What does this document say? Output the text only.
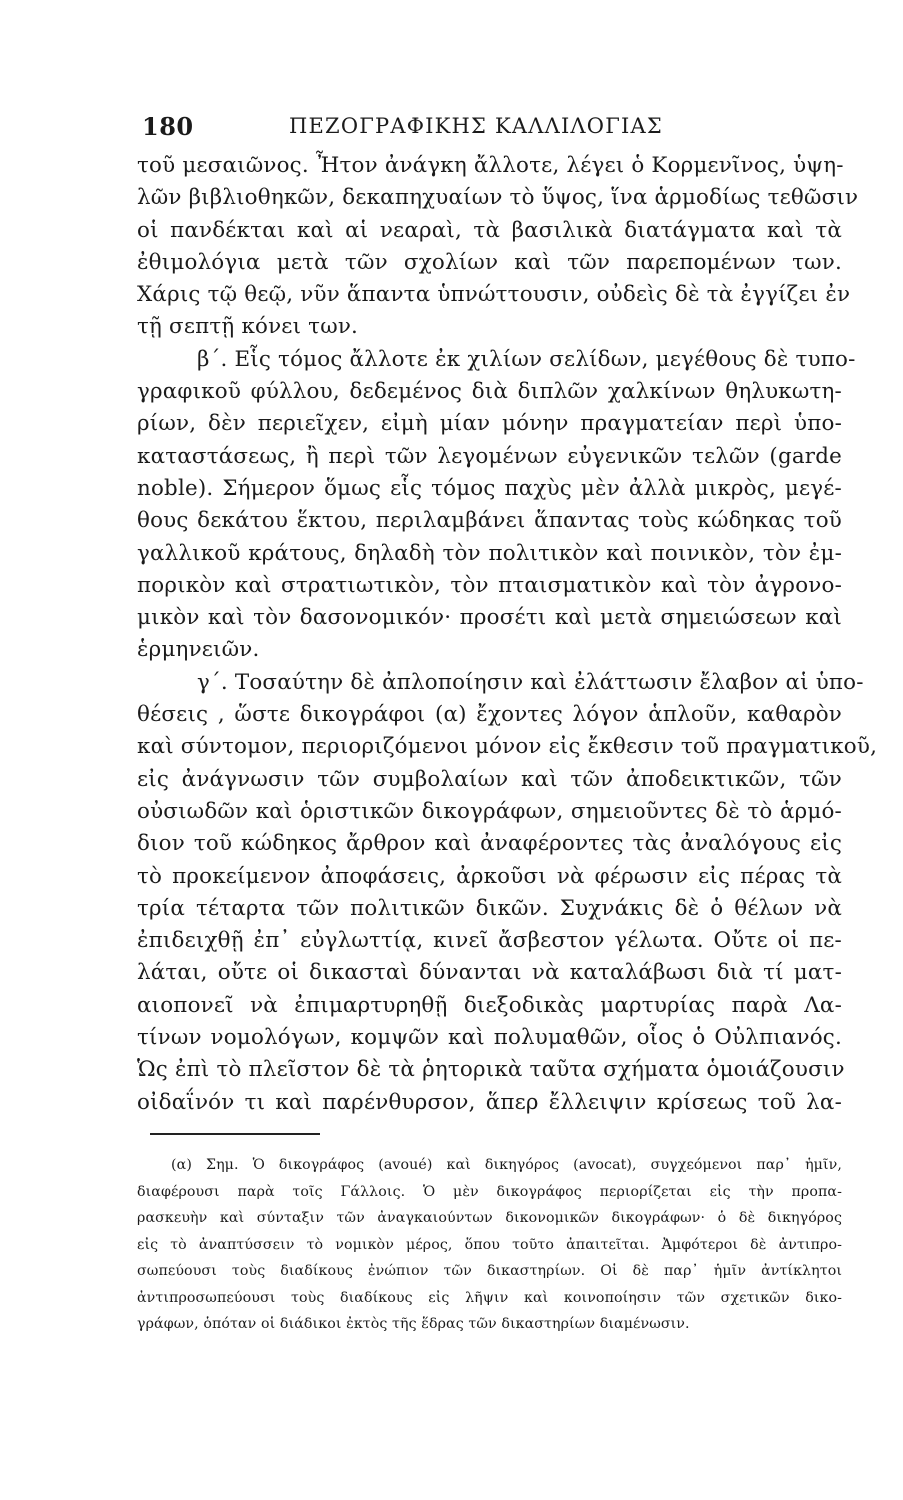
180	ΠΕΖΟΓΡΑΦΙΚΗΣ ΚΑΛΛΙΛΟΓΙΑΣ
τοῦ μεσαιῶνος. Ἦτον ἀνάγκη ἄλλοτε, λέγει ὁ Κορμενῖνος, ὑψη-
λῶν βιβλιοθηκῶν, δεκαπηχυαίων τὸ ὕψος, ἵνα ἁρμοδίως τεθῶσιν
οἱ πανδέκται καὶ αἱ νεαραὶ, τὰ βασιλικὰ διατάγματα καὶ τὰ
ἐθιμολόγια μετὰ τῶν σχολίων καὶ τῶν παρεπομένων των.
Χάρις τῷ θεῷ, νῦν ἅπαντα ὑπνώττουσιν, οὐδεὶς δὲ τὰ ἐγγίζει ἐν
τῇ σεπτῇ κόνει των.
β΄. Εἷς τόμος ἄλλοτε ἐκ χιλίων σελίδων, μεγέθους δὲ τυπο-
γραφικοῦ φύλλου, δεδεμένος διὰ διπλῶν χαλκίνων θηλυκωτη-
ρίων, δὲν περιεῖχεν, εἰμὴ μίαν μόνην πραγματείαν περὶ ὑπο-
καταστάσεως, ἢ περὶ τῶν λεγομένων εὐγενικῶν τελῶν (garde
noble). Σήμερον ὅμως εἷς τόμος παχὺς μὲν ἀλλὰ μικρὸς, μεγέ-
θους δεκάτου ἕκτου, περιλαμβάνει ἅπαντας τοὺς κώδηκας τοῦ
γαλλικοῦ κράτους, δηλαδὴ τὸν πολιτικὸν καὶ ποινικὸν, τὸν ἐμ-
πορικὸν καὶ στρατιωτικὸν, τὸν πταισματικὸν καὶ τὸν ἀγρονο-
μικὸν καὶ τὸν δασονομικόν· προσέτι καὶ μετὰ σημειώσεων καὶ
ἑρμηνειῶν.
γ΄. Τοσαύτην δὲ ἀπλοποίησιν καὶ ἐλάττωσιν ἔλαβον αἱ ὑπο-
θέσεις , ὥστε δικογράφοι (α) ἔχοντες λόγον ἁπλοῦν, καθαρὸν
καὶ σύντομον, περιοριζόμενοι μόνον εἰς ἔκθεσιν τοῦ πραγματικοῦ,
εἰς ἀνάγνωσιν τῶν συμβολαίων καὶ τῶν ἀποδεικτικῶν, τῶν
οὐσιωδῶν καὶ ὁριστικῶν δικογράφων, σημειοῦντες δὲ τὸ ἁρμό-
διον τοῦ κώδηκος ἄρθρον καὶ ἀναφέροντες τὰς ἀναλόγους εἰς
τὸ προκείμενον ἀποφάσεις, ἀρκοῦσι νὰ φέρωσιν εἰς πέρας τὰ
τρία τέταρτα τῶν πολιτικῶν δικῶν. Συχνάκις δὲ ὁ θέλων νὰ
ἐπιδειχθῇ ἐπ᾽ εὐγλωττίᾳ, κινεῖ ἄσβεστον γέλωτα. Οὔτε οἱ πε-
λάται, οὔτε οἱ δικασταὶ δύνανται νὰ καταλάβωσι διὰ τί ματ-
αιοπονεῖ νὰ ἐπιμαρτυρηθῇ διεξοδικὰς μαρτυρίας παρὰ Λα-
τίνων νομολόγων, κομψῶν καὶ πολυμαθῶν, οἷος ὁ Οὐλπιανός.
Ὡς ἐπὶ τὸ πλεῖστον δὲ τὰ ῥητορικὰ ταῦτα σχήματα ὁμοιάζουσιν
οἰδαΐνόν τι καὶ παρένθυρσον, ἅπερ ἔλλειψιν κρίσεως τοῦ λα-
(α) Σημ. Ὁ δικογράφος (avoué) καὶ δικηγόρος (avocat), συγχεόμενοι παρ᾽ ἡμῖν,
διαφέρουσι παρὰ τοῖς Γάλλοις. Ὁ μὲν δικογράφος περιορίζεται εἰς τὴν προπα-
ρασκευὴν καὶ σύνταξιν τῶν ἀναγκαιούντων δικονομικῶν δικογράφων· ὁ δὲ δικηγόρος
εἰς τὸ ἀναπτύσσειν τὸ νομικὸν μέρος, ὅπου τοῦτο ἀπαιτεῖται. Ἀμφότεροι δὲ ἀντιπρο-
σωπεύουσι τοὺς διαδίκους ἐνώπιον τῶν δικαστηρίων. Οἱ δὲ παρ᾽ ἡμῖν ἀντίκλητοι
ἀντιπροσωπεύουσι τοὺς διαδίκους εἰς λῆψιν καὶ κοινοποίησιν τῶν σχετικῶν δικο-
γράφων, ὁπόταν οἱ διάδικοι ἐκτὸς τῆς ἕδρας τῶν δικαστηρίων διαμένωσιν.
